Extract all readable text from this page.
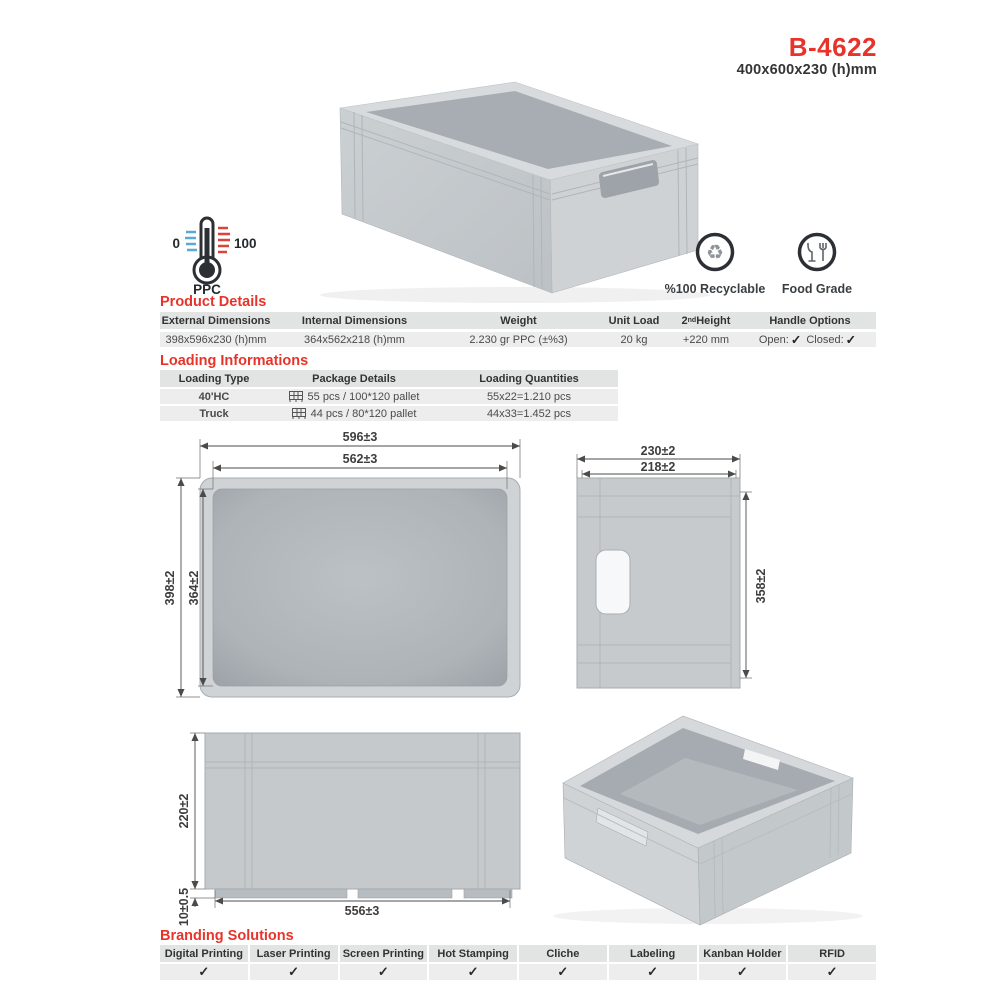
0	100
PPC
♻
%100 Recyclable Food Grade
596±3
562±3
398±2 364±2
230±2
218±2
358±2
220±2
10±0.5	556±3
B-4622
400x600x230 (h)mm
Product Details
Loading Informations
Branding Solutions
External Dimensions	Internal Dimensions	Weight	Unit Load	2 nd Height	Handle Options
398x596x230 (h)mm	364x562x218 (h)mm	2.230 gr PPC (±%3)	20 kg	+220 mm	Open: ✓ Closed: ✓
Loading Type	Package Details	Loading Quantities
40'HC	55 pcs / 100*120 pallet	55x22=1.210 pcs
Truck	44 pcs / 80*120 pallet	44x33=1.452 pcs
Digital Printing	Laser Printing	Screen Printing	Hot Stamping	Cliche	Labeling	Kanban Holder	RFID
✓	✓	✓	✓	✓	✓	✓	✓
